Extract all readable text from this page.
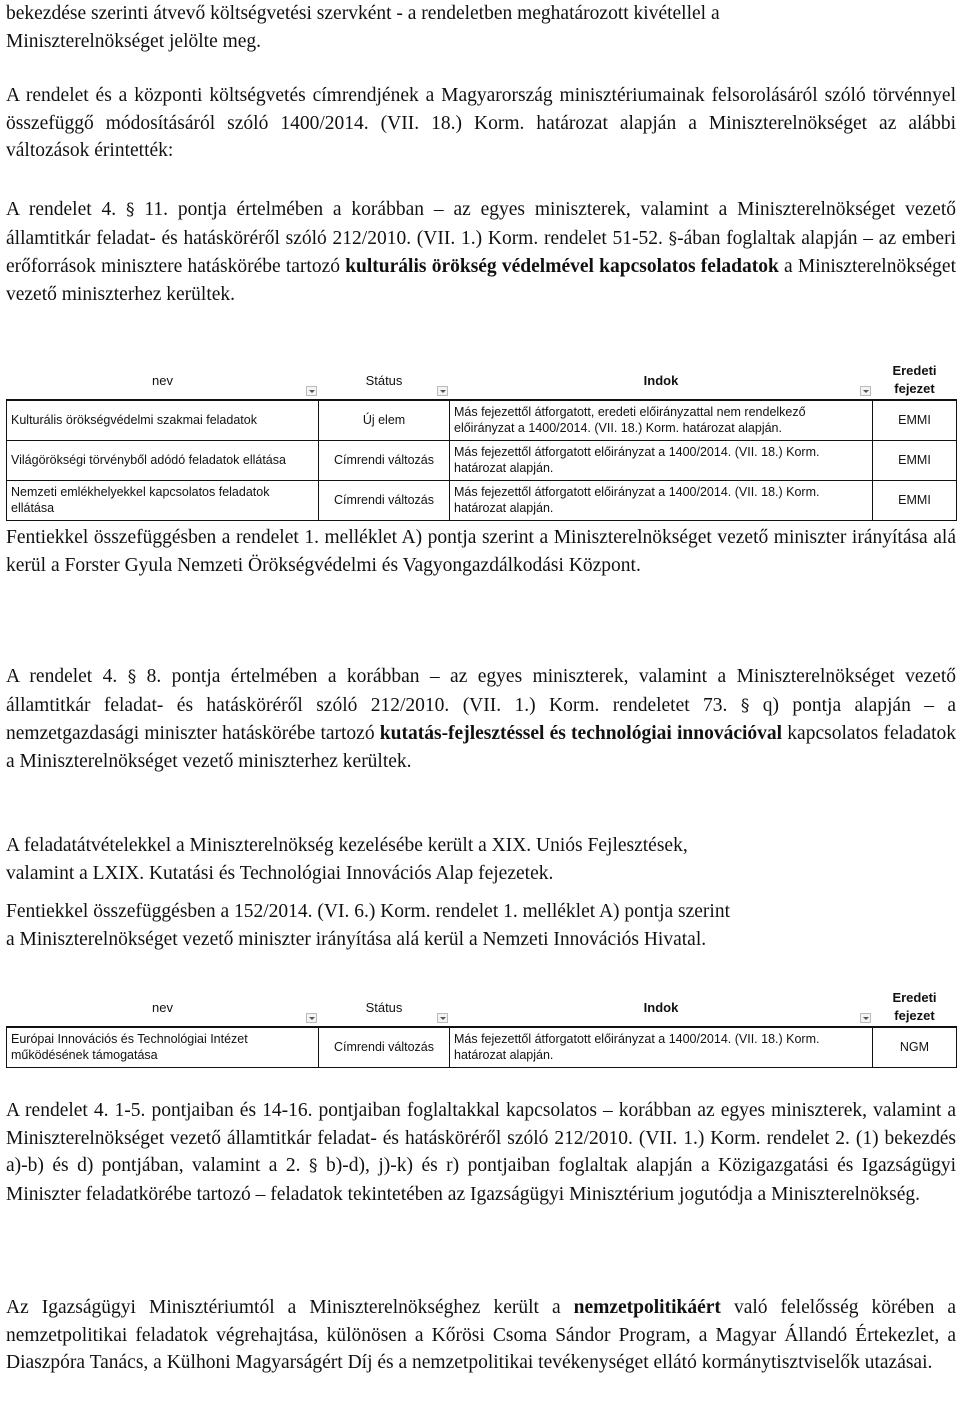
bekezdése szerinti átvevő költségvetési szervként - a rendeletben meghatározott kivétellel a
Miniszterelnökséget jelölte meg.

A rendelet és a központi költségvetés címrendjének a Magyarország minisztériumainak felsorolásáról szóló törvénnyel összefüggő módosításáról szóló 1400/2014. (VII. 18.) Korm. határozat alapján a Miniszterelnökséget az alábbi változások érintették:

A rendelet 4. § 11. pontja értelmében a korábban – az egyes miniszterek, valamint a Miniszterelnökséget vezető államtitkár feladat- és hatásköréről szóló 212/2010. (VII. 1.) Korm. rendelet 51-52. §-ában foglaltak alapján – az emberi erőforrások minisztere hatáskörébe tartozó kulturális örökség védelmével kapcsolatos feladatok a Miniszterelnökséget vezető miniszterhez kerültek.

nev	Státus	Indok	Eredeti fejezet
Kulturális örökségvédelmi szakmai feladatok	Új elem	Más fejezettől átforgatott, eredeti előirányzattal nem rendelkező előirányzat a 1400/2014. (VII. 18.) Korm. határozat alapján.	EMMI
Világörökségi törvényből adódó feladatok ellátása	Címrendi változás	Más fejezettől átforgatott előirányzat a 1400/2014. (VII. 18.) Korm. határozat alapján.	EMMI
Nemzeti emlékhelyekkel kapcsolatos feladatok ellátása	Címrendi változás	Más fejezettől átforgatott előirányzat a 1400/2014. (VII. 18.) Korm. határozat alapján.	EMMI

Fentiekkel összefüggésben a rendelet 1. melléklet A) pontja szerint a Miniszterelnökséget vezető miniszter irányítása alá kerül a Forster Gyula Nemzeti Örökségvédelmi és Vagyongazdálkodási Központ.

A rendelet 4. § 8. pontja értelmében a korábban – az egyes miniszterek, valamint a Miniszterelnökséget vezető államtitkár feladat- és hatásköréről szóló 212/2010. (VII. 1.) Korm. rendeletet 73. § q) pontja alapján – a nemzetgazdasági miniszter hatáskörébe tartozó kutatás-fejlesztéssel és technológiai innovációval kapcsolatos feladatok a Miniszterelnökséget vezető miniszterhez kerültek.

A feladatátvételekkel a Miniszterelnökség kezelésébe került a XIX. Uniós Fejlesztések,
valamint a LXIX. Kutatási és Technológiai Innovációs Alap fejezetek.

Fentiekkel összefüggésben a 152/2014. (VI. 6.) Korm. rendelet 1. melléklet A) pontja szerint
a Miniszterelnökséget vezető miniszter irányítása alá kerül a Nemzeti Innovációs Hivatal.

nev	Státus	Indok	Eredeti fejezet
Európai Innovációs és Technológiai Intézet működésének támogatása	Címrendi változás	Más fejezettől átforgatott előirányzat a 1400/2014. (VII. 18.) Korm. határozat alapján.	NGM

A rendelet 4. 1-5. pontjaiban és 14-16. pontjaiban foglaltakkal kapcsolatos – korábban az egyes miniszterek, valamint a Miniszterelnökséget vezető államtitkár feladat- és hatásköréről szóló 212/2010. (VII. 1.) Korm. rendelet 2. (1) bekezdés a)-b) és d) pontjában, valamint a 2. § b)-d), j)-k) és r) pontjaiban foglaltak alapján a Közigazgatási és Igazságügyi Miniszter feladatkörébe tartozó – feladatok tekintetében az Igazságügyi Minisztérium jogutódja a Miniszterelnökség.

Az Igazságügyi Minisztériumtól a Miniszterelnökséghez került a nemzetpolitikáért való felelősség körében a nemzetpolitikai feladatok végrehajtása, különösen a Kőrösi Csoma Sándor Program, a Magyar Állandó Értekezlet, a Diaszpóra Tanács, a Külhoni Magyarságért Díj és a nemzetpolitikai tevékenységet ellátó kormánytisztviselők utazásai.
